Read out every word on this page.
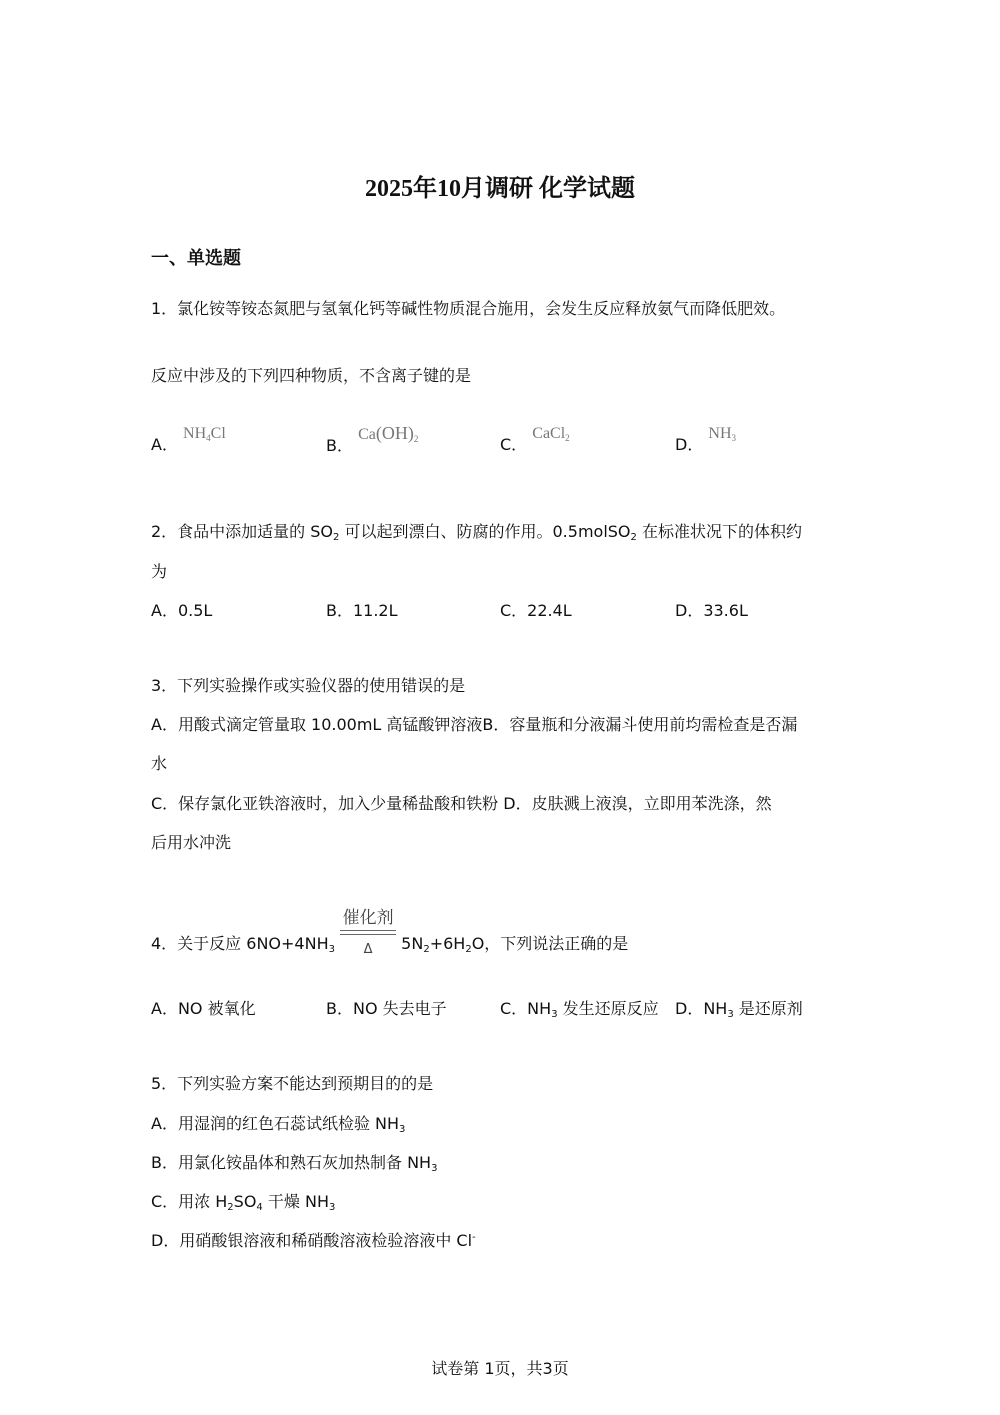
2025年10月调研 化学试题
一、单选题
1．氯化铵等铵态氮肥与氢氧化钙等碱性物质混合施用，会发生反应释放氨气而降低肥效。
反应中涉及的下列四种物质，不含离子键的是
A． $NH_4Cl$
B． $Ca(OH)_2$	C． CaCl$_2$	D． $NH_3$
2．食品中添加适量的 $SO_2$ 可以起到漂白、防腐的作用。0.5molSO$_2$ 在标准状况下的体积约
为
A．0.5L	B．11.2L	C．22.4L	D．33.6L
3．下列实验操作或实验仪器的使用错误的是
A．用酸式滴定管量取 10.00mL 高锰酸钾溶液B．容量瓶和分液漏斗使用前均需检查是否漏
水
C．保存氯化亚铁溶液时，加入少量稀盐酸和铁粉 D．皮肤溅上液溴，立即用苯洗涤，然
后用水冲洗
4．关于反应 $6NO+4NH_3$
催化剂
Δ	$5N_2+6H_2O$，下列说法正确的是
A．NO 被氧化	B．NO 失去电子	C．$NH_3$ 发生还原反应 D．$NH_3$ 是还原剂
5．下列实验方案不能达到预期目的的是
A．用湿润的红色石蕊试纸检验 $NH_3$
B．用氯化铵晶体和熟石灰加热制备 $NH_3$
C．用浓 $H_2SO_4$ 干燥 $NH_3$
D．用硝酸银溶液和稀硝酸溶液检验溶液中 Cl-
试卷第 1页，共3页
